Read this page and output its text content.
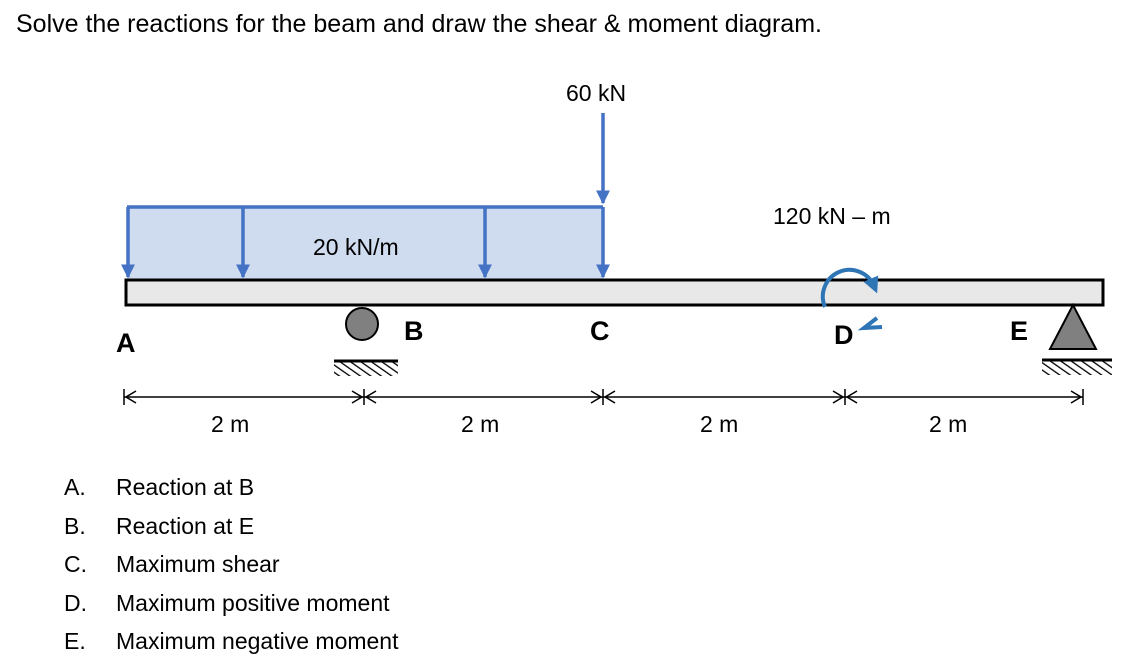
Solve the reactions for the beam and draw the shear & moment diagram.
20 kN/m
60 kN
120 kN – m
A	B	C	D	E
2 m	2 m	2 m	2 m
A. Reaction at B
B. Reaction at E
C. Maximum shear
D. Maximum positive moment
E. Maximum negative moment
